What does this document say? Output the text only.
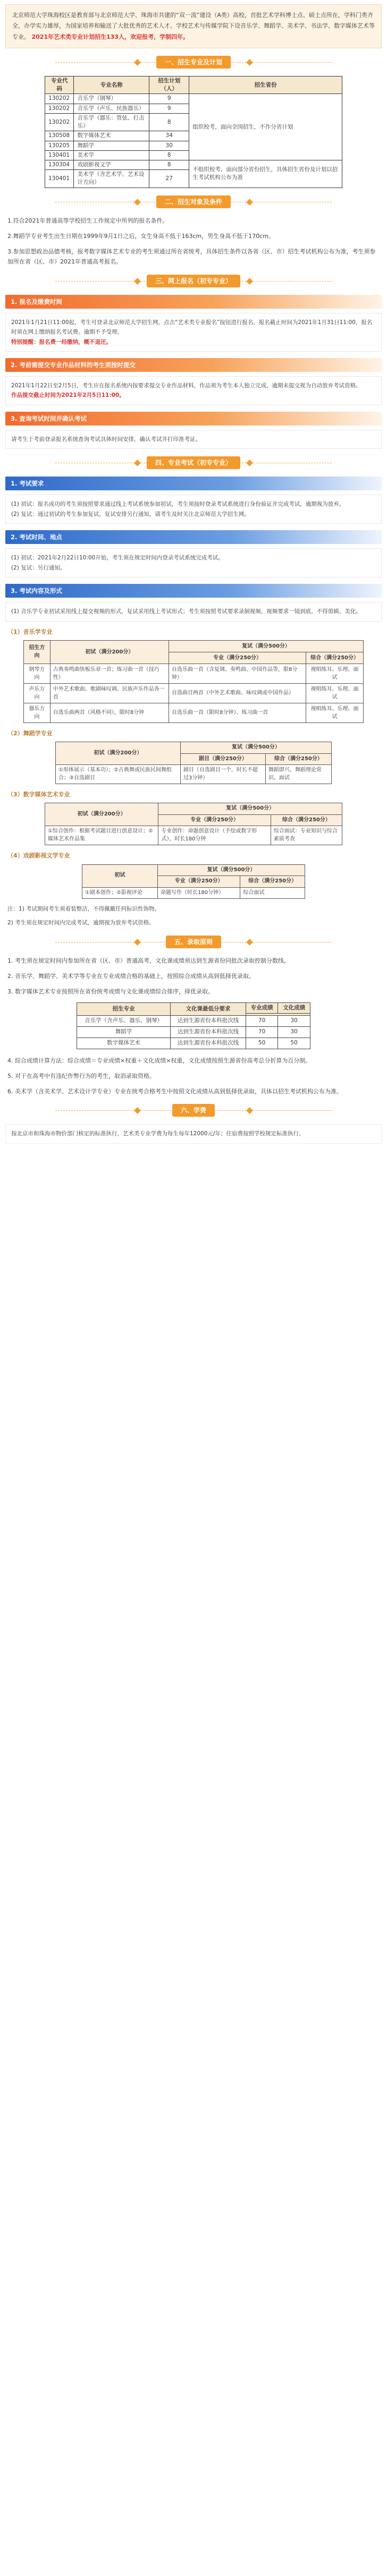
北京师范大学珠海校区是教育部与北京师范大学、珠海市共建的“双一流”建设（A类）高校，首批艺术学科博士点、硕士点所在，学科门类齐全，办学实力雄厚，为国家培养和输送了大批优秀的艺术人才。学校艺术与传媒学院下设音乐学、舞蹈学、美术学、书法学、数字媒体艺术等专业。 2021年艺术类专业计划招生133人，欢迎报考，学制四年。
一、招生专业及计划
专业代码	专业名称	招生计划（人）	招生省份
130202	音乐学（钢琴）	9	组织校考，面向全国招生，不作分省计划
130202	音乐学（声乐、民族器乐）	9	
130202	音乐学（器乐：管弦、打击乐）	8	
130508	数字媒体艺术	34	
130205	舞蹈学	30	
130401	美术学	8	
130304	戏剧影视文学	8	不组织校考，面向部分省份招生，具体招生省份及计划以招生考试机构公布为准
130401	美术学（含艺术学、艺术设计方向）	27	
二、招生对象及条件

1.符合2021年普通高等学校招生工作规定中所列的报名条件。

2.舞蹈学专业考生出生日期在1999年9月1日之后，女生身高不低于163cm，男生身高不低于170cm。

3.参加思想政治品德考核，报考数字媒体艺术专业的考生须通过所在省统考，具体招生条件以各省（区、市）招生考试机构公布为准，考生须参加所在省（区、市）2021年普通高考报名。

三、网上报名（初专专业）
1. 报名及缴费时间

2021年1月21日11:00起，考生可登录北京师范大学招生网，点击“艺术类专业报名”按钮进行报名，报名截止时间为2021年1月31日11:00，报名时须在网上缴纳报名考试费。逾期不予受理。

特别提醒：报名费一经缴纳，概不退还。

2. 考前需提交专业作品材料的考生须按时提交

2021年1月22日至2月5日，考生应在报名系统内按要求提交专业作品材料，作品须为考生本人独立完成，逾期未提交视为自动放弃考试资格。

作品提交截止时间为2021年2月5日11:00。

3. 查询考试时间并确认考试

请考生于考前登录报名系统查询考试具体时间安排，确认考试并打印准考证。

四、专业考试（初专专业）
1. 考试要求

(1) 初试：报名成功的考生须按照要求通过线上考试系统参加初试，考生须按时登录考试系统进行身份验证并完成考试，逾期视为放弃。

(2) 复试：通过初试的考生参加复试，复试安排另行通知，请考生及时关注北京师范大学招生网。

2. 考试时间、地点

(1) 初试：2021年2月22日10:00开始，考生须在规定时间内登录考试系统完成考试。

(2) 复试：另行通知。

3. 考试内容及形式

(1) 音乐学专业初试采用线上提交视频的形式，复试采用线上考试形式；考生须按照考试要求录制视频，视频要求一镜到底，不得剪辑、美化。

（1）音乐学专业
招生方向	初试（满分200分）	复试（满分500分）	
		专业（满分250分）	综合（满分250分）
钢琴方向	古典奏鸣曲快板乐章一首；练习曲一首（技巧性）	自选乐曲一首（含复调、奏鸣曲、中国作品等，限8分钟）	视唱练耳、乐理、面试
声乐方向	中外艺术歌曲、歌剧咏叹调、民族声乐作品各一首	自选曲目两首（中外艺术歌曲、咏叹调或中国作品）	视唱练耳、乐理、面试
器乐方向	自选乐曲两首（风格不同），限时8分钟	自选乐曲一首（限时8分钟）、练习曲一首	视唱练耳、乐理、面试
（2）舞蹈学专业
初试（满分200分）	复试（满分500分）	
	剧目（满分250分）	综合（满分250分）
①形体展示（基本功）；②古典舞或民族民间舞组合；③自选剧目	剧目（自选剧目一个，时长不超过3分钟）	舞蹈即兴、舞蹈理论常识、面试
（3）数字媒体艺术专业
初试（满分200分）	复试（满分500分）	
	专业（满分250分）	综合（满分250分）
①综合创作：根据考试题目进行创意设计；②媒体艺术作品集	专业创作：命题创意设计（手绘或数字形式），时长180分钟	综合面试：专业知识与综合素质考查
（4）戏剧影视文学专业
初试	复试（满分500分）	
	专业（满分250分）	综合（满分250分）
①剧本创作；②影视评论	命题写作（时长180分钟）	综合面试

注：1) 考试期间考生须着装整洁，不得佩戴任何标识性饰物。

2) 考生须在规定时间内完成考试，逾期视为放弃考试资格。

五、录取原则

1. 考生须在规定时间内参加所在省（区、市）普通高考，文化课成绩须达到生源省份同批次录取控制分数线。

2. 音乐学、舞蹈学、美术学等专业在专业成绩合格的基础上，按照综合成绩从高到低择优录取。

3. 数字媒体艺术专业按照所在省份统考成绩与文化课成绩综合排序，择优录取。

招生专业	文化课最低分要求	专业成绩	文化成绩

音乐学（含声乐、器乐、钢琴）	达到生源省份本科批次线	70	30
舞蹈学	达到生源省份本科批次线	70	30
数字媒体艺术	达到生源省份本科批次线	50	50

4. 综合成绩计算方法：综合成绩＝专业成绩×权重＋文化成绩×权重，文化成绩按照生源省份高考总分折算为百分制。

5. 对于在高考中有违纪作弊行为的考生，取消录取资格。

6. 美术学（含美术学、艺术设计学专业）专业在统考合格考生中按照文化成绩从高到低择优录取，具体以招生考试机构公布为准。

六、学费

按北京市和珠海市物价部门核定的标准执行，艺术类专业学费为每生每年12000元/年；住宿费按照学校规定标准执行。
